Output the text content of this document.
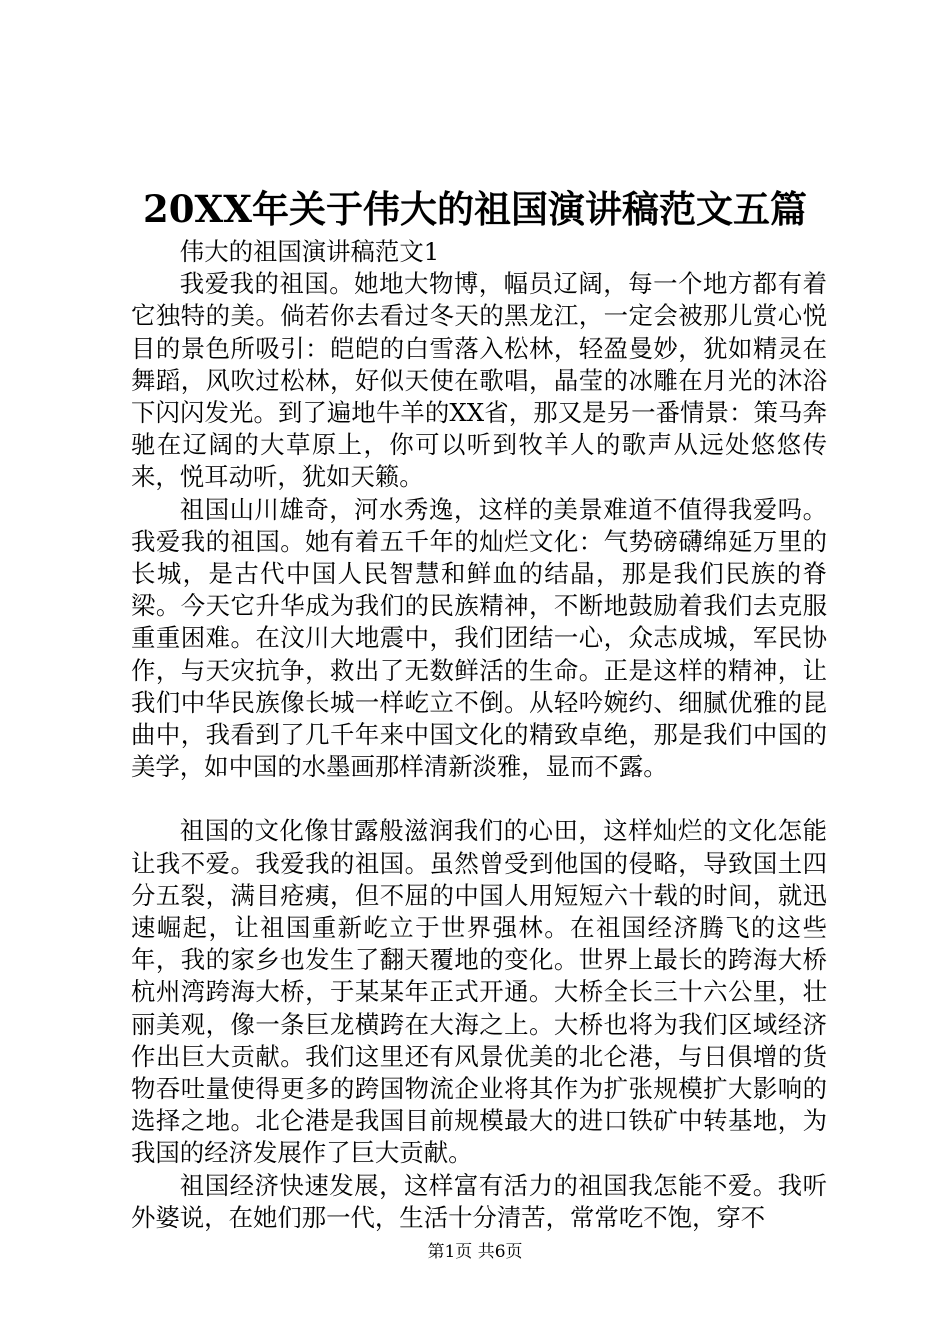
20XX年关于伟大的祖国演讲稿范文五篇

伟大的祖国演讲稿范文1

我爱我的祖国。她地大物博，幅员辽阔，每一个地方都有着它独特的美。倘若你去看过冬天的黑龙江，一定会被那儿赏心悦目的景色所吸引：皑皑的白雪落入松林，轻盈曼妙，犹如精灵在舞蹈，风吹过松林，好似天使在歌唱，晶莹的冰雕在月光的沐浴下闪闪发光。到了遍地牛羊的XX省，那又是另一番情景：策马奔驰在辽阔的大草原上，你可以听到牧羊人的歌声从远处悠悠传来，悦耳动听，犹如天籁。

祖国山川雄奇，河水秀逸，这样的美景难道不值得我爱吗。我爱我的祖国。她有着五千年的灿烂文化：气势磅礴绵延万里的长城，是古代中国人民智慧和鲜血的结晶，那是我们民族的脊梁。今天它升华成为我们的民族精神，不断地鼓励着我们去克服重重困难。在汶川大地震中，我们团结一心，众志成城，军民协作，与天灾抗争，救出了无数鲜活的生命。正是这样的精神，让我们中华民族像长城一样屹立不倒。从轻吟婉约、细腻优雅的昆曲中，我看到了几千年来中国文化的精致卓绝，那是我们中国的美学，如中国的水墨画那样清新淡雅，显而不露。

祖国的文化像甘露般滋润我们的心田，这样灿烂的文化怎能让我不爱。我爱我的祖国。虽然曾受到他国的侵略，导致国土四分五裂，满目疮痍，但不屈的中国人用短短六十载的时间，就迅速崛起，让祖国重新屹立于世界强林。在祖国经济腾飞的这些年，我的家乡也发生了翻天覆地的变化。世界上最长的跨海大桥杭州湾跨海大桥，于某某年正式开通。大桥全长三十六公里，壮丽美观，像一条巨龙横跨在大海之上。大桥也将为我们区域经济作出巨大贡献。我们这里还有风景优美的北仑港，与日俱增的货物吞吐量使得更多的跨国物流企业将其作为扩张规模扩大影响的选择之地。北仑港是我国目前规模最大的进口铁矿中转基地，为我国的经济发展作了巨大贡献。

祖国经济快速发展，这样富有活力的祖国我怎能不爱。我听外婆说，在她们那一代，生活十分清苦，常常吃不饱，穿不

第1页 共6页
